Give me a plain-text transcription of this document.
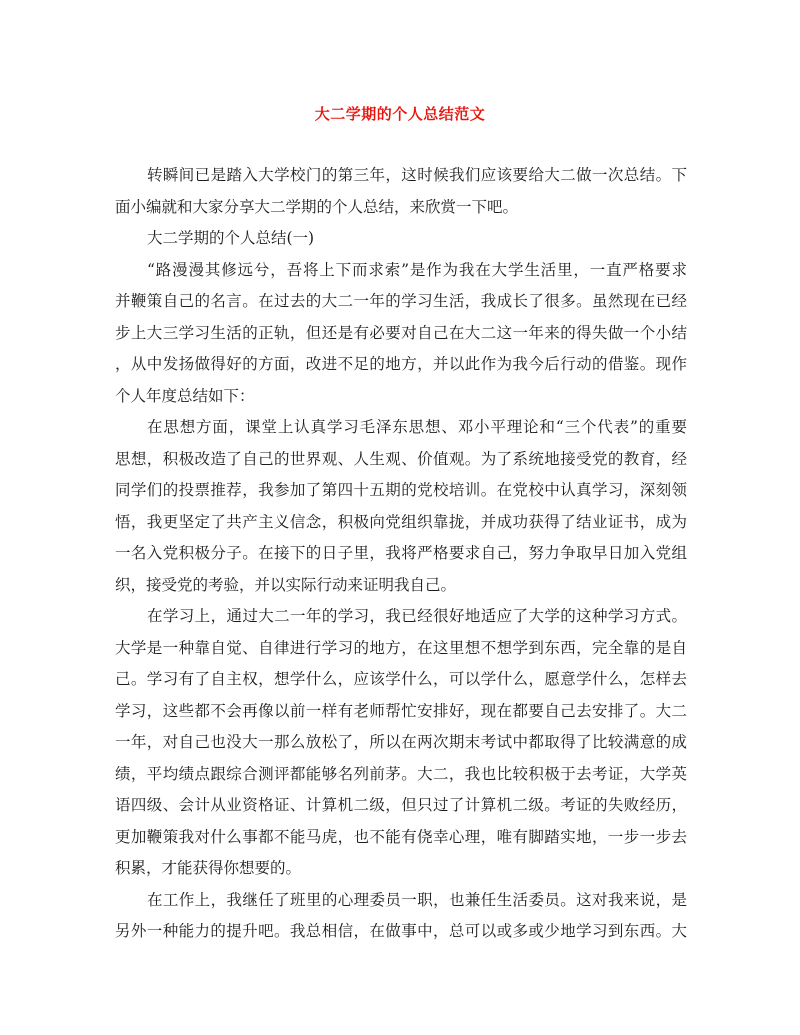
大二学期的个人总结范文
转瞬间已是踏入大学校门的第三年，这时候我们应该要给大二做一次总结。下
面小编就和大家分享大二学期的个人总结，来欣赏一下吧。
大二学期的个人总结(一)
“路漫漫其修远兮，吾将上下而求索”是作为我在大学生活里，一直严格要求
并鞭策自己的名言。在过去的大二一年的学习生活，我成长了很多。虽然现在已经
步上大三学习生活的正轨，但还是有必要对自己在大二这一年来的得失做一个小结
，从中发扬做得好的方面，改进不足的地方，并以此作为我今后行动的借鉴。现作
个人年度总结如下：
在思想方面，课堂上认真学习毛泽东思想、邓小平理论和“三个代表”的重要
思想，积极改造了自己的世界观、人生观、价值观。为了系统地接受党的教育，经
同学们的投票推荐，我参加了第四十五期的党校培训。在党校中认真学习，深刻领
悟，我更坚定了共产主义信念，积极向党组织靠拢，并成功获得了结业证书，成为
一名入党积极分子。在接下的日子里，我将严格要求自己，努力争取早日加入党组
织，接受党的考验，并以实际行动来证明我自己。
在学习上，通过大二一年的学习，我已经很好地适应了大学的这种学习方式。
大学是一种靠自觉、自律进行学习的地方，在这里想不想学到东西，完全靠的是自
己。学习有了自主权，想学什么，应该学什么，可以学什么，愿意学什么，怎样去
学习，这些都不会再像以前一样有老师帮忙安排好，现在都要自己去安排了。大二
一年，对自己也没大一那么放松了，所以在两次期末考试中都取得了比较满意的成
绩，平均绩点跟综合测评都能够名列前茅。大二，我也比较积极于去考证，大学英
语四级、会计从业资格证、计算机二级，但只过了计算机二级。考证的失败经历，
更加鞭策我对什么事都不能马虎，也不能有侥幸心理，唯有脚踏实地，一步一步去
积累，才能获得你想要的。
在工作上，我继任了班里的心理委员一职，也兼任生活委员。这对我来说，是
另外一种能力的提升吧。我总相信，在做事中，总可以或多或少地学习到东西。大
